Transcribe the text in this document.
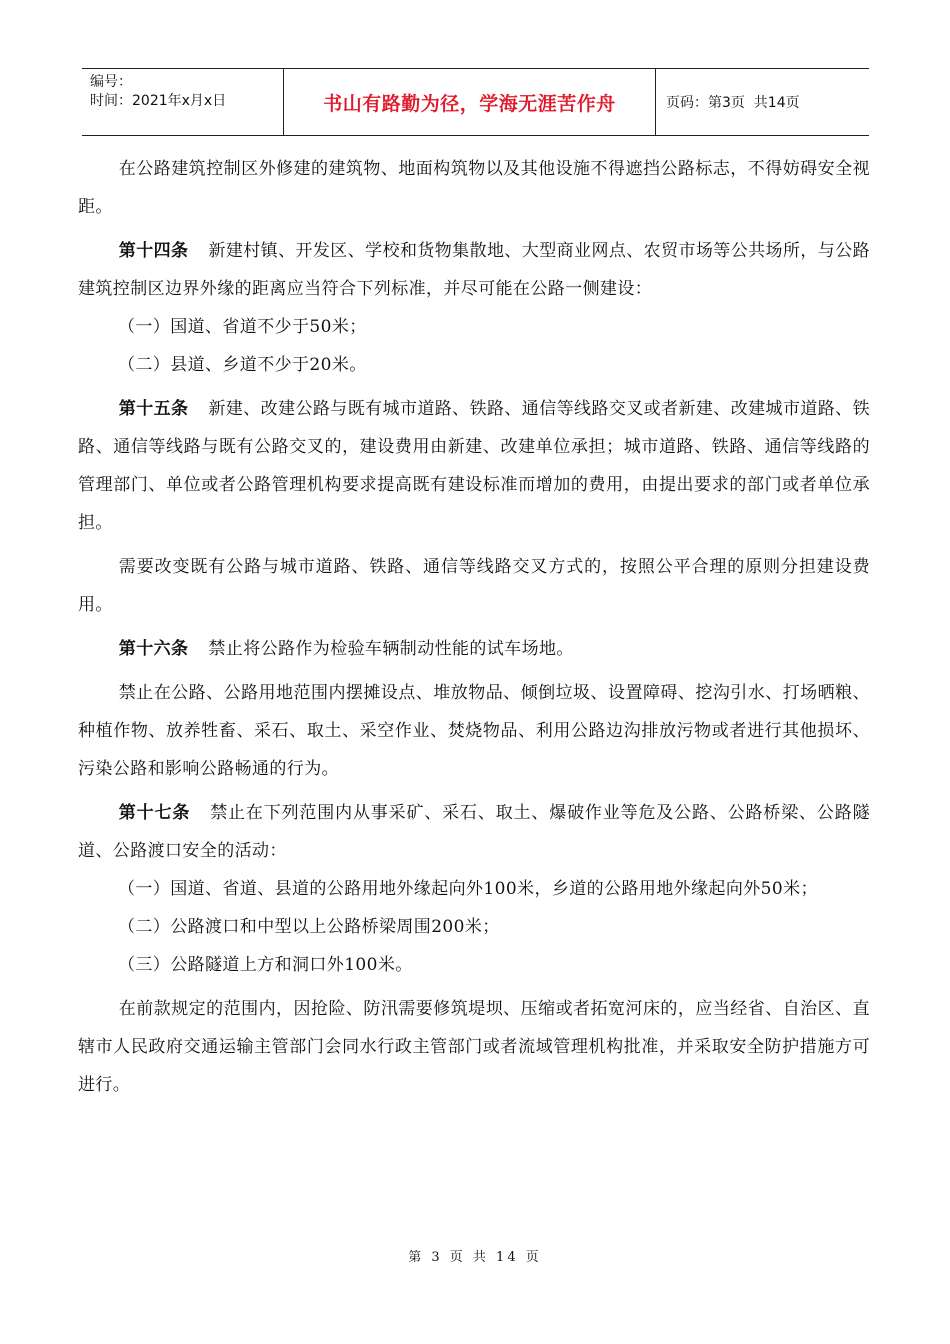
编号：
时间：2021年x月x日	书山有路勤为径，学海无涯苦作舟	页码：第3页  共14页

在公路建筑控制区外修建的建筑物、地面构筑物以及其他设施不得遮挡公路标志，不得妨碍安全视距。

第十四条 新建村镇、开发区、学校和货物集散地、大型商业网点、农贸市场等公共场所，与公路建筑控制区边界外缘的距离应当符合下列标准，并尽可能在公路一侧建设：

（一）国道、省道不少于50米；

（二）县道、乡道不少于20米。

第十五条 新建、改建公路与既有城市道路、铁路、通信等线路交叉或者新建、改建城市道路、铁路、通信等线路与既有公路交叉的，建设费用由新建、改建单位承担；城市道路、铁路、通信等线路的管理部门、单位或者公路管理机构要求提高既有建设标准而增加的费用，由提出要求的部门或者单位承担。

需要改变既有公路与城市道路、铁路、通信等线路交叉方式的，按照公平合理的原则分担建设费用。

第十六条 禁止将公路作为检验车辆制动性能的试车场地。

禁止在公路、公路用地范围内摆摊设点、堆放物品、倾倒垃圾、设置障碍、挖沟引水、打场晒粮、种植作物、放养牲畜、采石、取土、采空作业、焚烧物品、利用公路边沟排放污物或者进行其他损坏、污染公路和影响公路畅通的行为。

第十七条 禁止在下列范围内从事采矿、采石、取土、爆破作业等危及公路、公路桥梁、公路隧道、公路渡口安全的活动：

（一）国道、省道、县道的公路用地外缘起向外100米，乡道的公路用地外缘起向外50米；

（二）公路渡口和中型以上公路桥梁周围200米；

（三）公路隧道上方和洞口外100米。

在前款规定的范围内，因抢险、防汛需要修筑堤坝、压缩或者拓宽河床的，应当经省、自治区、直辖市人民政府交通运输主管部门会同水行政主管部门或者流域管理机构批准，并采取安全防护措施方可进行。

第 3 页 共 14 页
